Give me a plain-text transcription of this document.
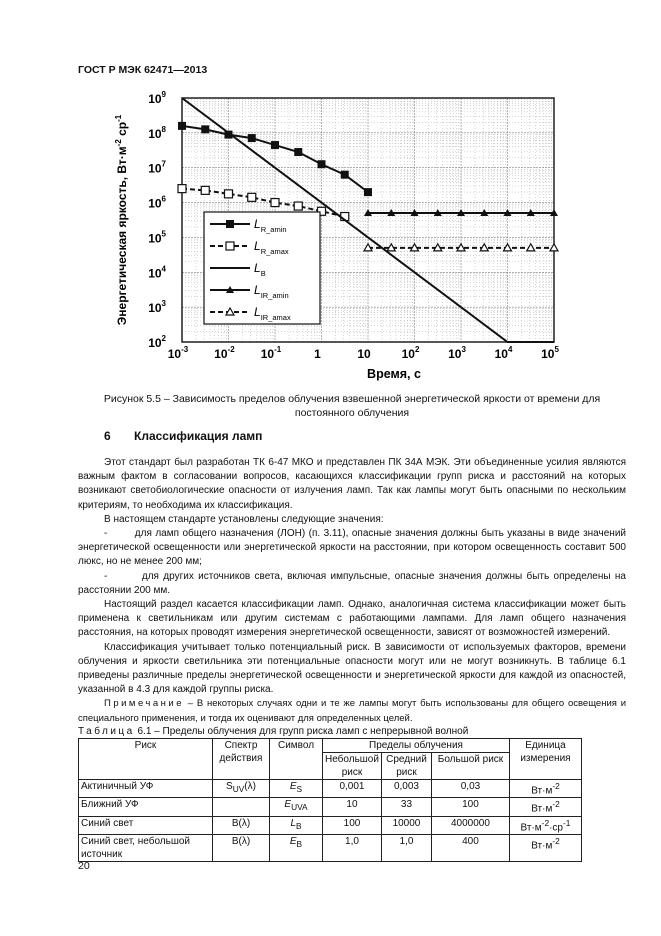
ГОСТ Р МЭК 62471—2013
$10^{-3}$ $10^{-2}$ $10^{-1}$	1	10	$10^2$ $10^3$ $10^4$ $10^5$
$10^2$
$10^3$
$10^4$
$10^5$
$10^6$
$10^7$
$10^8$
$10^9$
Время, с
Энергетическая яркость, $Вт\cdot м^{-2}$ $ср^{-1}$
$L_{R\_amin}$
$L_{R\_amax}$
$L_B$
$L_{IR\_amin}$
$L_{IR\_amax}$
Рисунок 5.5 – Зависимость пределов облучения взвешенной энергетической яркости от времени для постоянного облучения
6 Классификация ламп

Этот стандарт был разработан ТК 6-47 МКО и представлен ПК 34А МЭК. Эти объединенные усилия являются важным фактом в согласовании вопросов, касающихся классификации групп риска и расстояний на которых возникают светобиологические опасности от излучения ламп. Так как лампы могут быть опасными по нескольким критериям, то необходима их классификация.

В настоящем стандарте установлены следующие значения:

-        для ламп общего назначения (ЛОН) (п. 3.11), опасные значения должны быть указаны в виде значений энергетической освещенности или энергетической яркости на расстоянии, при котором освещенность составит 500 люкс, но не менее 200 мм;

-        для других источников света, включая импульсные, опасные значения должны быть определены на расстоянии 200 мм.

Настоящий раздел касается классификации ламп. Однако, аналогичная система классификации может быть применена к светильникам или другим системам с работающими лампами. Для ламп общего назначения расстояния, на которых проводят измерения энергетической освещенности, зависят от возможностей измерений.

Классификация учитывает только потенциальный риск. В зависимости от используемых факторов, времени облучения и яркости светильника эти потенциальные опасности могут или не могут возникнуть. В таблице 6.1 приведены различные пределы энергетической освещенности и энергетической яркости для каждой из опасностей, указанной в 4.3 для каждой группы риска.

Примечание – В некоторых случаях одни и те же лампы могут быть использованы для общего освещения и специального применения, и тогда их оценивают для определенных целей.

Таблица 6.1 – Пределы облучения для групп риска ламп с непрерывной волной
Риск	Спектр действия	Символ	Пределы облучения			Единица измерения
			Небольшой риск	Средний риск	Большой риск	
Актиничный УФ	$S_{UV}(\lambda)$	$E_S$	0,001	0,003	0,03	$Вт\cdot м^{-2}$
Ближний УФ		$E_{UVA}$	10	33	100	$Вт\cdot м^{-2}$
Синий свет	B(λ)	$L_B$	100	10000	4000000	$Вт\cdot м^{-2}\cdot ср^{-1}$
Синий свет, небольшой источник	B(λ)	$E_B$	1,0	1,0	400	$Вт\cdot м^{-2}$
20
